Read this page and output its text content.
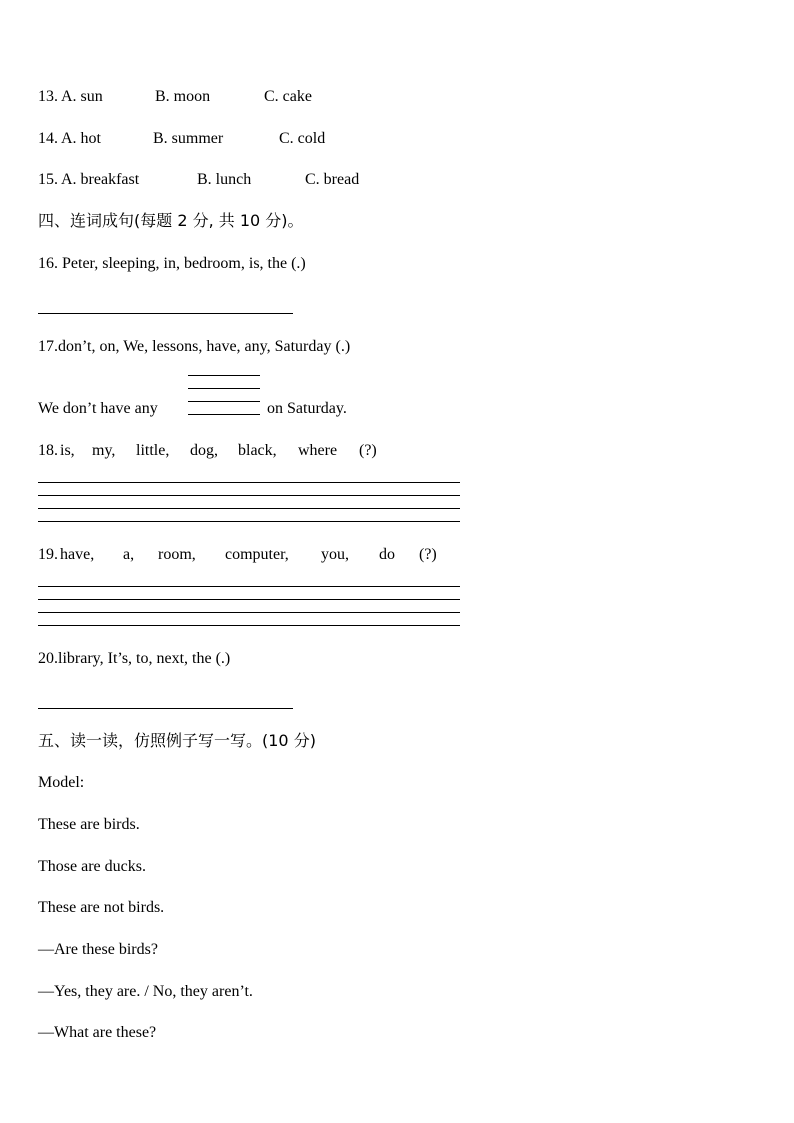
13. A. sun	B. moon	C. cake
14. A. hot	B. summer	C. cold
15. A. breakfast	B. lunch	C. bread
四、连词成句(每题 2 分, 共 10 分)。
16. Peter, sleeping, in, bedroom, is, the (.)
17.don’t, on, We, lessons, have, any, Saturday (.)
We don’t have any	on Saturday.
18. is, my, little, dog, black, where (?)
19. have, a, room, computer, you, do (?)
20.library, It’s, to, next, the (.)
五、读一读，仿照例子写一写。(10 分)
Model:
These are birds.
Those are ducks.
These are not birds.
—Are these birds?
—Yes, they are. / No, they aren’t.
—What are these?
